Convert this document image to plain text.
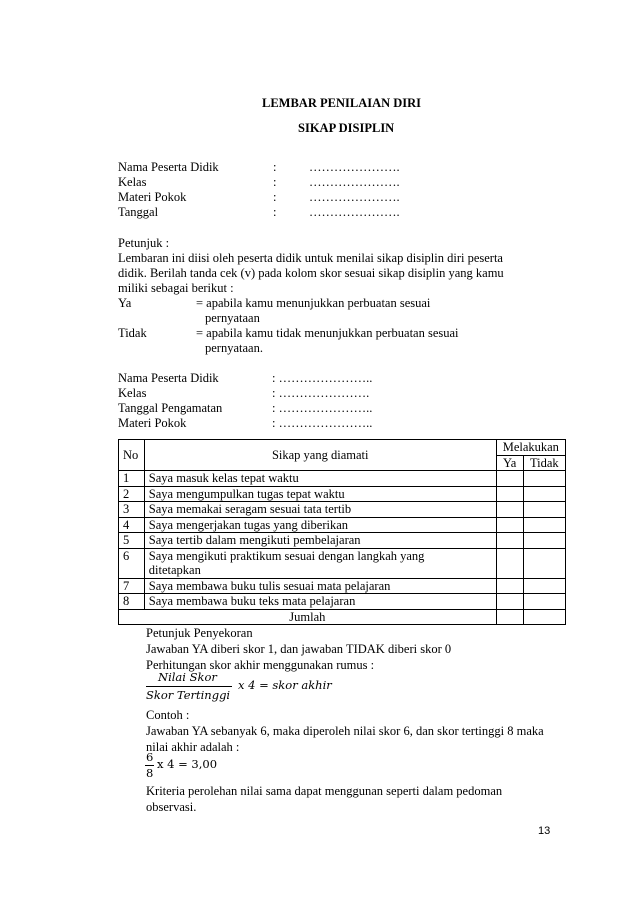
LEMBAR PENILAIAN DIRI
SIKAP DISIPLIN
Nama Peserta Didik	:	………………….
Kelas	:	………………….
Materi Pokok	:	………………….
Tanggal	:	………………….
Petunjuk :
Lembaran ini diisi oleh peserta didik untuk menilai sikap disiplin diri peserta
didik. Berilah tanda cek (v) pada kolom skor sesuai sikap disiplin yang kamu
miliki sebagai berikut :
Ya	= apabila kamu menunjukkan perbuatan sesuai
pernyataan
Tidak	= apabila kamu tidak menunjukkan perbuatan sesuai
pernyataan.
Nama Peserta Didik	: …………………..
Kelas	: ………………….
Tanggal Pengamatan	: …………………..
Materi Pokok	: …………………..
No	Sikap yang diamati	Melakukan	
		Ya	Tidak
1	Saya masuk kelas tepat waktu		
2	Saya mengumpulkan tugas tepat waktu		
3	Saya memakai seragam sesuai tata tertib		
4	Saya mengerjakan tugas yang diberikan		
5	Saya tertib dalam mengikuti pembelajaran		
6	Saya mengikuti praktikum sesuai dengan langkah yang ditetapkan		
7	Saya membawa buku tulis sesuai mata pelajaran		
8	Saya membawa buku teks mata pelajaran		
Jumlah			
Petunjuk Penyekoran
Jawaban YA diberi skor 1, dan jawaban TIDAK diberi skor 0
Perhitungan skor akhir menggunakan rumus :
Nilai Skor
Skor Tertinggi
x 4 = skor akhir
Contoh :
Jawaban YA sebanyak 6, maka diperoleh nilai skor 6, dan skor tertinggi 8 maka
nilai akhir adalah :
6
8
x 4 = 3,00
Kriteria perolehan nilai sama dapat menggunan seperti dalam pedoman
observasi.
13
